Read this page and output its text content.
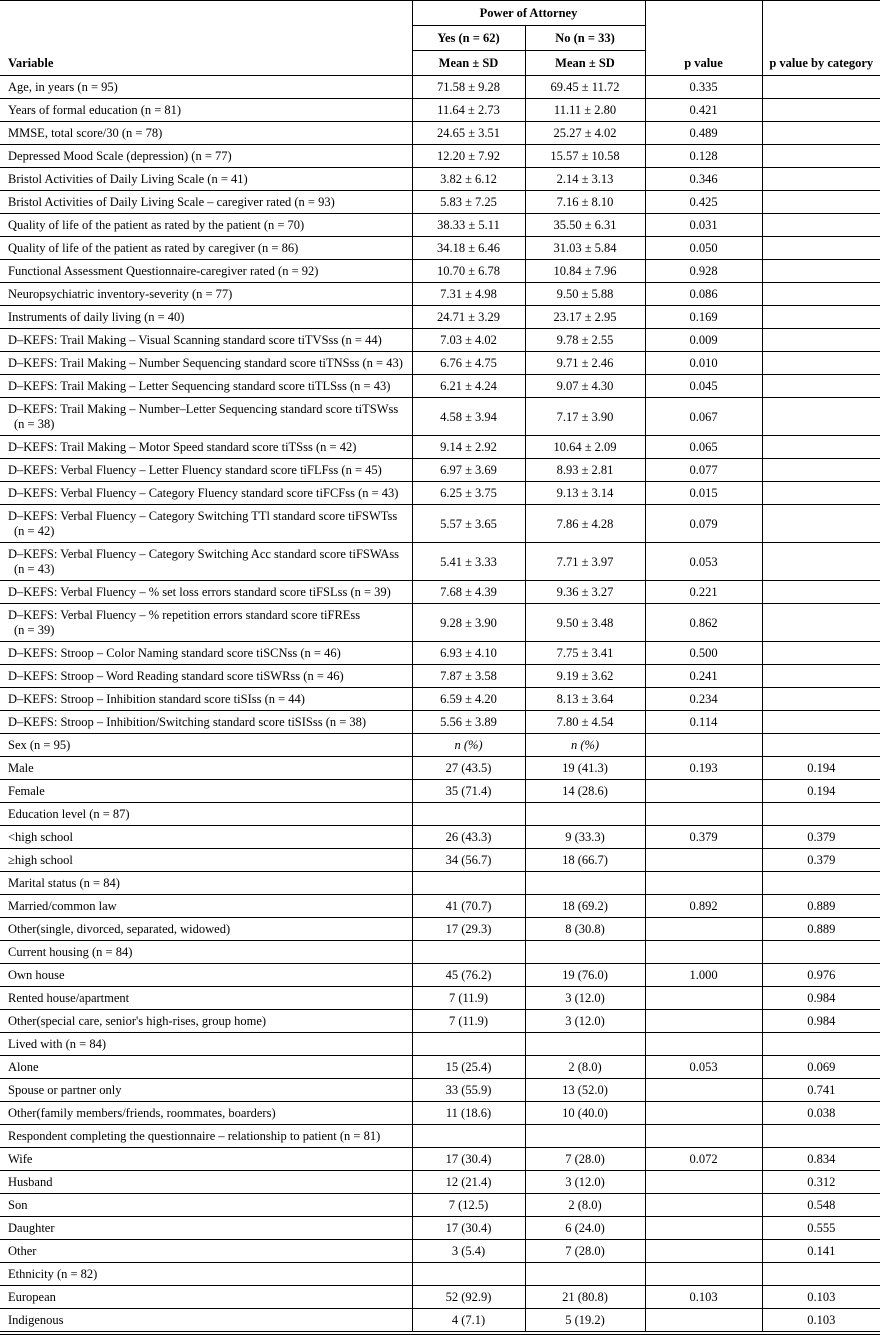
Variable	Power of Attorney		p value	p value by category
	Yes (n = 62)	No (n = 33)		
	Mean ± SD	Mean ± SD		

Age, in years (n = 95)	71.58 ± 9.28	69.45 ± 11.72	0.335	

Years of formal education (n = 81)	11.64 ± 2.73	11.11 ± 2.80	0.421	

MMSE, total score/30 (n = 78)	24.65 ± 3.51	25.27 ± 4.02	0.489	

Depressed Mood Scale (depression) (n = 77)	12.20 ± 7.92	15.57 ± 10.58	0.128	

Bristol Activities of Daily Living Scale (n = 41)	3.82 ± 6.12	2.14 ± 3.13	0.346	

Bristol Activities of Daily Living Scale – caregiver rated (n = 93)	5.83 ± 7.25	7.16 ± 8.10	0.425	

Quality of life of the patient as rated by the patient (n = 70)	38.33 ± 5.11	35.50 ± 6.31	0.031	

Quality of life of the patient as rated by caregiver (n = 86)	34.18 ± 6.46	31.03 ± 5.84	0.050	

Functional Assessment Questionnaire-caregiver rated (n = 92)	10.70 ± 6.78	10.84 ± 7.96	0.928	

Neuropsychiatric inventory-severity (n = 77)	7.31 ± 4.98	9.50 ± 5.88	0.086	

Instruments of daily living (n = 40)	24.71 ± 3.29	23.17 ± 2.95	0.169	

D–KEFS: Trail Making – Visual Scanning standard score tiTVSss (n = 44)	7.03 ± 4.02	9.78 ± 2.55	0.009	

D–KEFS: Trail Making – Number Sequencing standard score tiTNSss (n = 43)	6.76 ± 4.75	9.71 ± 2.46	0.010	

D–KEFS: Trail Making – Letter Sequencing standard score tiTLSss (n = 43)	6.21 ± 4.24	9.07 ± 4.30	0.045	

D–KEFS: Trail Making – Number–Letter Sequencing standard score tiTSWss
(n = 38)	4.58 ± 3.94	7.17 ± 3.90	0.067	

D–KEFS: Trail Making – Motor Speed standard score tiTSss (n = 42)	9.14 ± 2.92	10.64 ± 2.09	0.065	

D–KEFS: Verbal Fluency – Letter Fluency standard score tiFLFss (n = 45)	6.97 ± 3.69	8.93 ± 2.81	0.077	

D–KEFS: Verbal Fluency – Category Fluency standard score tiFCFss (n = 43)	6.25 ± 3.75	9.13 ± 3.14	0.015	

D–KEFS: Verbal Fluency – Category Switching TTl standard score tiFSWTss
(n = 42)	5.57 ± 3.65	7.86 ± 4.28	0.079	

D–KEFS: Verbal Fluency – Category Switching Acc standard score tiFSWAss
(n = 43)	5.41 ± 3.33	7.71 ± 3.97	0.053	

D–KEFS: Verbal Fluency – % set loss errors standard score tiFSLss (n = 39)	7.68 ± 4.39	9.36 ± 3.27	0.221	

D–KEFS: Verbal Fluency – % repetition errors standard score tiFREss
(n = 39)	9.28 ± 3.90	9.50 ± 3.48	0.862	

D–KEFS: Stroop – Color Naming standard score tiSCNss (n = 46)	6.93 ± 4.10	7.75 ± 3.41	0.500	

D–KEFS: Stroop – Word Reading standard score tiSWRss (n = 46)	7.87 ± 3.58	9.19 ± 3.62	0.241	

D–KEFS: Stroop – Inhibition standard score tiSIss (n = 44)	6.59 ± 4.20	8.13 ± 3.64	0.234	

D–KEFS: Stroop – Inhibition/Switching standard score tiSISss (n = 38)	5.56 ± 3.89	7.80 ± 4.54	0.114	

Sex (n = 95)	n (%)	n (%)		

Male	27 (43.5)	19 (41.3)	0.193	0.194

Female	35 (71.4)	14 (28.6)		0.194

Education level (n = 87)				

<high school	26 (43.3)	9 (33.3)	0.379	0.379

≥high school	34 (56.7)	18 (66.7)		0.379

Marital status (n = 84)				

Married/common law	41 (70.7)	18 (69.2)	0.892	0.889

Other(single, divorced, separated, widowed)	17 (29.3)	8 (30.8)		0.889

Current housing (n = 84)				

Own house	45 (76.2)	19 (76.0)	1.000	0.976

Rented house/apartment	7 (11.9)	3 (12.0)		0.984

Other(special care, senior's high-rises, group home)	7 (11.9)	3 (12.0)		0.984

Lived with (n = 84)				

Alone	15 (25.4)	2 (8.0)	0.053	0.069

Spouse or partner only	33 (55.9)	13 (52.0)		0.741

Other(family members/friends, roommates, boarders)	11 (18.6)	10 (40.0)		0.038

Respondent completing the questionnaire – relationship to patient (n = 81)				

Wife	17 (30.4)	7 (28.0)	0.072	0.834

Husband	12 (21.4)	3 (12.0)		0.312

Son	7 (12.5)	2 (8.0)		0.548

Daughter	17 (30.4)	6 (24.0)		0.555

Other	3 (5.4)	7 (28.0)		0.141

Ethnicity (n = 82)				

European	52 (92.9)	21 (80.8)	0.103	0.103

Indigenous	4 (7.1)	5 (19.2)		0.103
